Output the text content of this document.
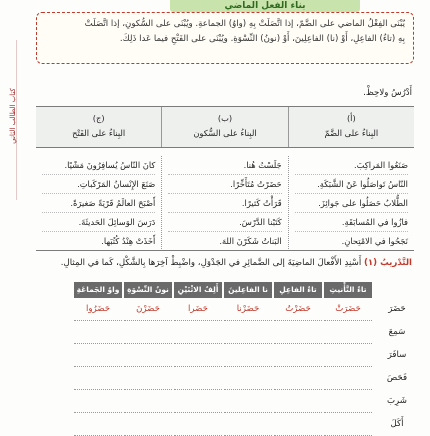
بناء الفعل الماضي
كتاب الطالب الثاني
يُبْنَى الفِعْلُ الماضي على الضَّمّ، إذا اتَّصَلَتْ بِهِ (واوُ) الجماعةِ. ويُبْنَى على السُّكونِ، إذا اتَّصَلَتْ
بِهِ (تاءُ) الفاعِلِ، أَوْ (نا) الفاعِلِينَ، أَوْ (نونُ) النِّسْوَةِ. ويُبْنَى على الفَتْحِ فيما عَدا ذَلِكَ.
أَدْرُسُ ولاحِظْ.
(أ)
البِناءُ على الضَّمّ
(ب)
البِناءُ على السُّكون
(ج)
البِناءُ على الفَتْح
صَنَعُوا المَراكِبَ.
النّاسُ تَواصَلُوا عَنْ الشَّبَكَةِ.
الطُّلابُ حَصَلُوا على جَوائِزَ.
فازُوا في المُسابَقَةِ.
نَجَحُوا في الامْتِحانِ.
جَلَسْتُ هُنا.
حَضَرْتُ مُتَأَخِّرًا.
قَرَأْتُ كَثيرًا.
كَتَبْنا الدَّرْسَ.
البَناتُ شَكَرْنَ اللهَ.
كانَ النّاسُ يُسافِرُونَ مَشْيًا.
صَنَعَ الإِنْسانُ المَرْكَباتِ.
أَصْبَحَ العالَمُ قَرْيَةً صَغيرَةً.
دَرَسَ الوَسائِلَ الحَديثَةَ.
أَخَذَتْ هِنْدُ كُتُبَها.
التَّدْريبُ (١) أَسْنِدِ الأَفْعالَ الماضِيَةَ إلى الضَّمائِرِ في الجَدْوَلِ، واضْبِطْ آخِرَها بِالشَّكْلِ، كَما في المِثالِ.
تاءُ التَّأْنيثِ
تاءُ الفاعِلِ
نا الفاعِلينَ
أَلِفُ الاثْنَيْنِ
نونُ النِّسْوَةِ
واوُ الجَماعَةِ
حَضَرَ
حَضَرَتْ
حَضَرْتُ
حَضَرْنا
حَضَرا
حَضَرْنَ
حَضَرُوا
سَمِعَ
سافَرَ
فَحَصَ
شَرِبَ
أَكَلَ
